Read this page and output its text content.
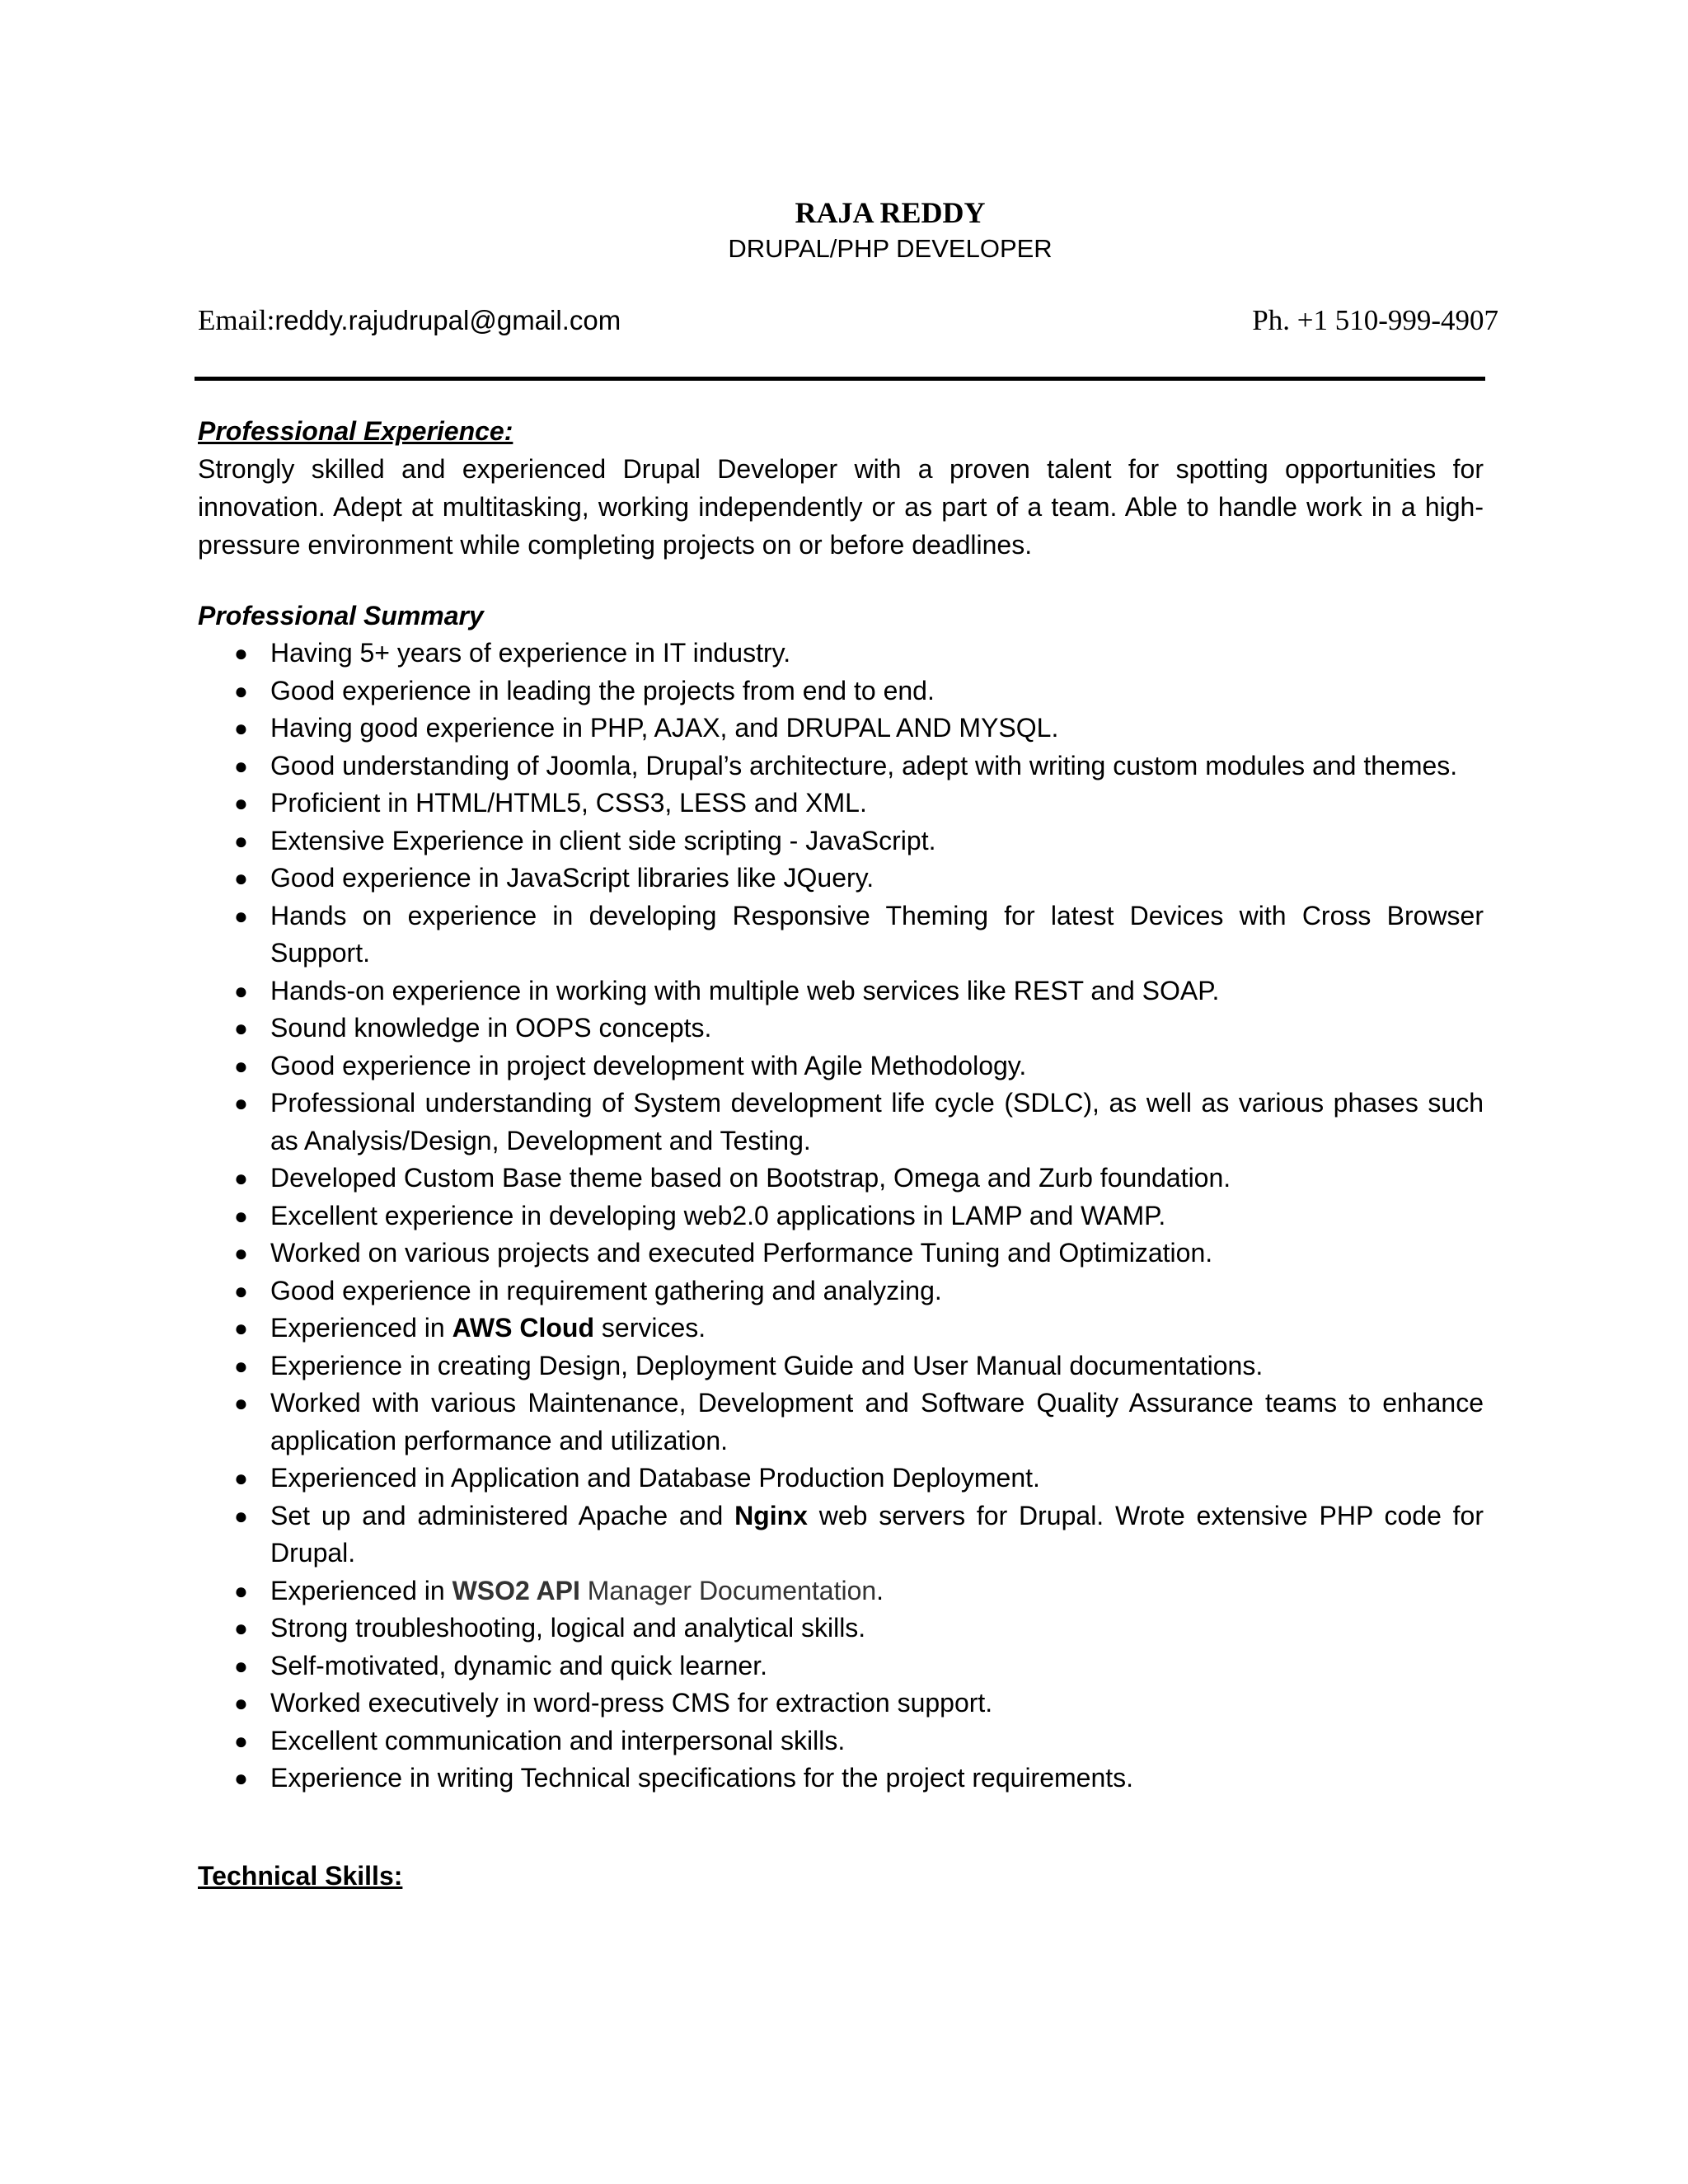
RAJA REDDY
DRUPAL/PHP DEVELOPER
Email:reddy.rajudrupal@gmail.com	Ph. +1 510-999-4907
Professional Experience:

Strongly skilled and experienced Drupal Developer with a proven talent for spotting opportunities for innovation. Adept at multitasking, working independently or as part of a team. Able to handle work in a high-pressure environment while completing projects on or before deadlines.

Professional Summary
● Having 5+ years of experience in IT industry.
● Good experience in leading the projects from end to end.
● Having good experience in PHP, AJAX, and DRUPAL AND MYSQL.
● Good understanding of Joomla, Drupal’s architecture, adept with writing custom modules and themes.
● Proficient in HTML/HTML5, CSS3, LESS and XML.
● Extensive Experience in client side scripting - JavaScript.
● Good experience in JavaScript libraries like JQuery.
● Hands on experience in developing Responsive Theming for latest Devices with Cross Browser Support.
● Hands-on experience in working with multiple web services like REST and SOAP.
● Sound knowledge in OOPS concepts.
● Good experience in project development with Agile Methodology.
● Professional understanding of System development life cycle (SDLC), as well as various phases such as Analysis/Design, Development and Testing.
● Developed Custom Base theme based on Bootstrap, Omega and Zurb foundation.
● Excellent experience in developing web2.0 applications in LAMP and WAMP.
● Worked on various projects and executed Performance Tuning and Optimization.
● Good experience in requirement gathering and analyzing.
● Experienced in AWS Cloud services.
● Experience in creating Design, Deployment Guide and User Manual documentations.
● Worked with various Maintenance, Development and Software Quality Assurance teams to enhance application performance and utilization.
● Experienced in Application and Database Production Deployment.
● Set up and administered Apache and Nginx web servers for Drupal. Wrote extensive PHP code for Drupal.
● Experienced in WSO2 API Manager Documentation.
● Strong troubleshooting, logical and analytical skills.
● Self-motivated, dynamic and quick learner.
● Worked executively in word-press CMS for extraction support.
● Excellent communication and interpersonal skills.
● Experience in writing Technical specifications for the project requirements.
Technical Skills:
